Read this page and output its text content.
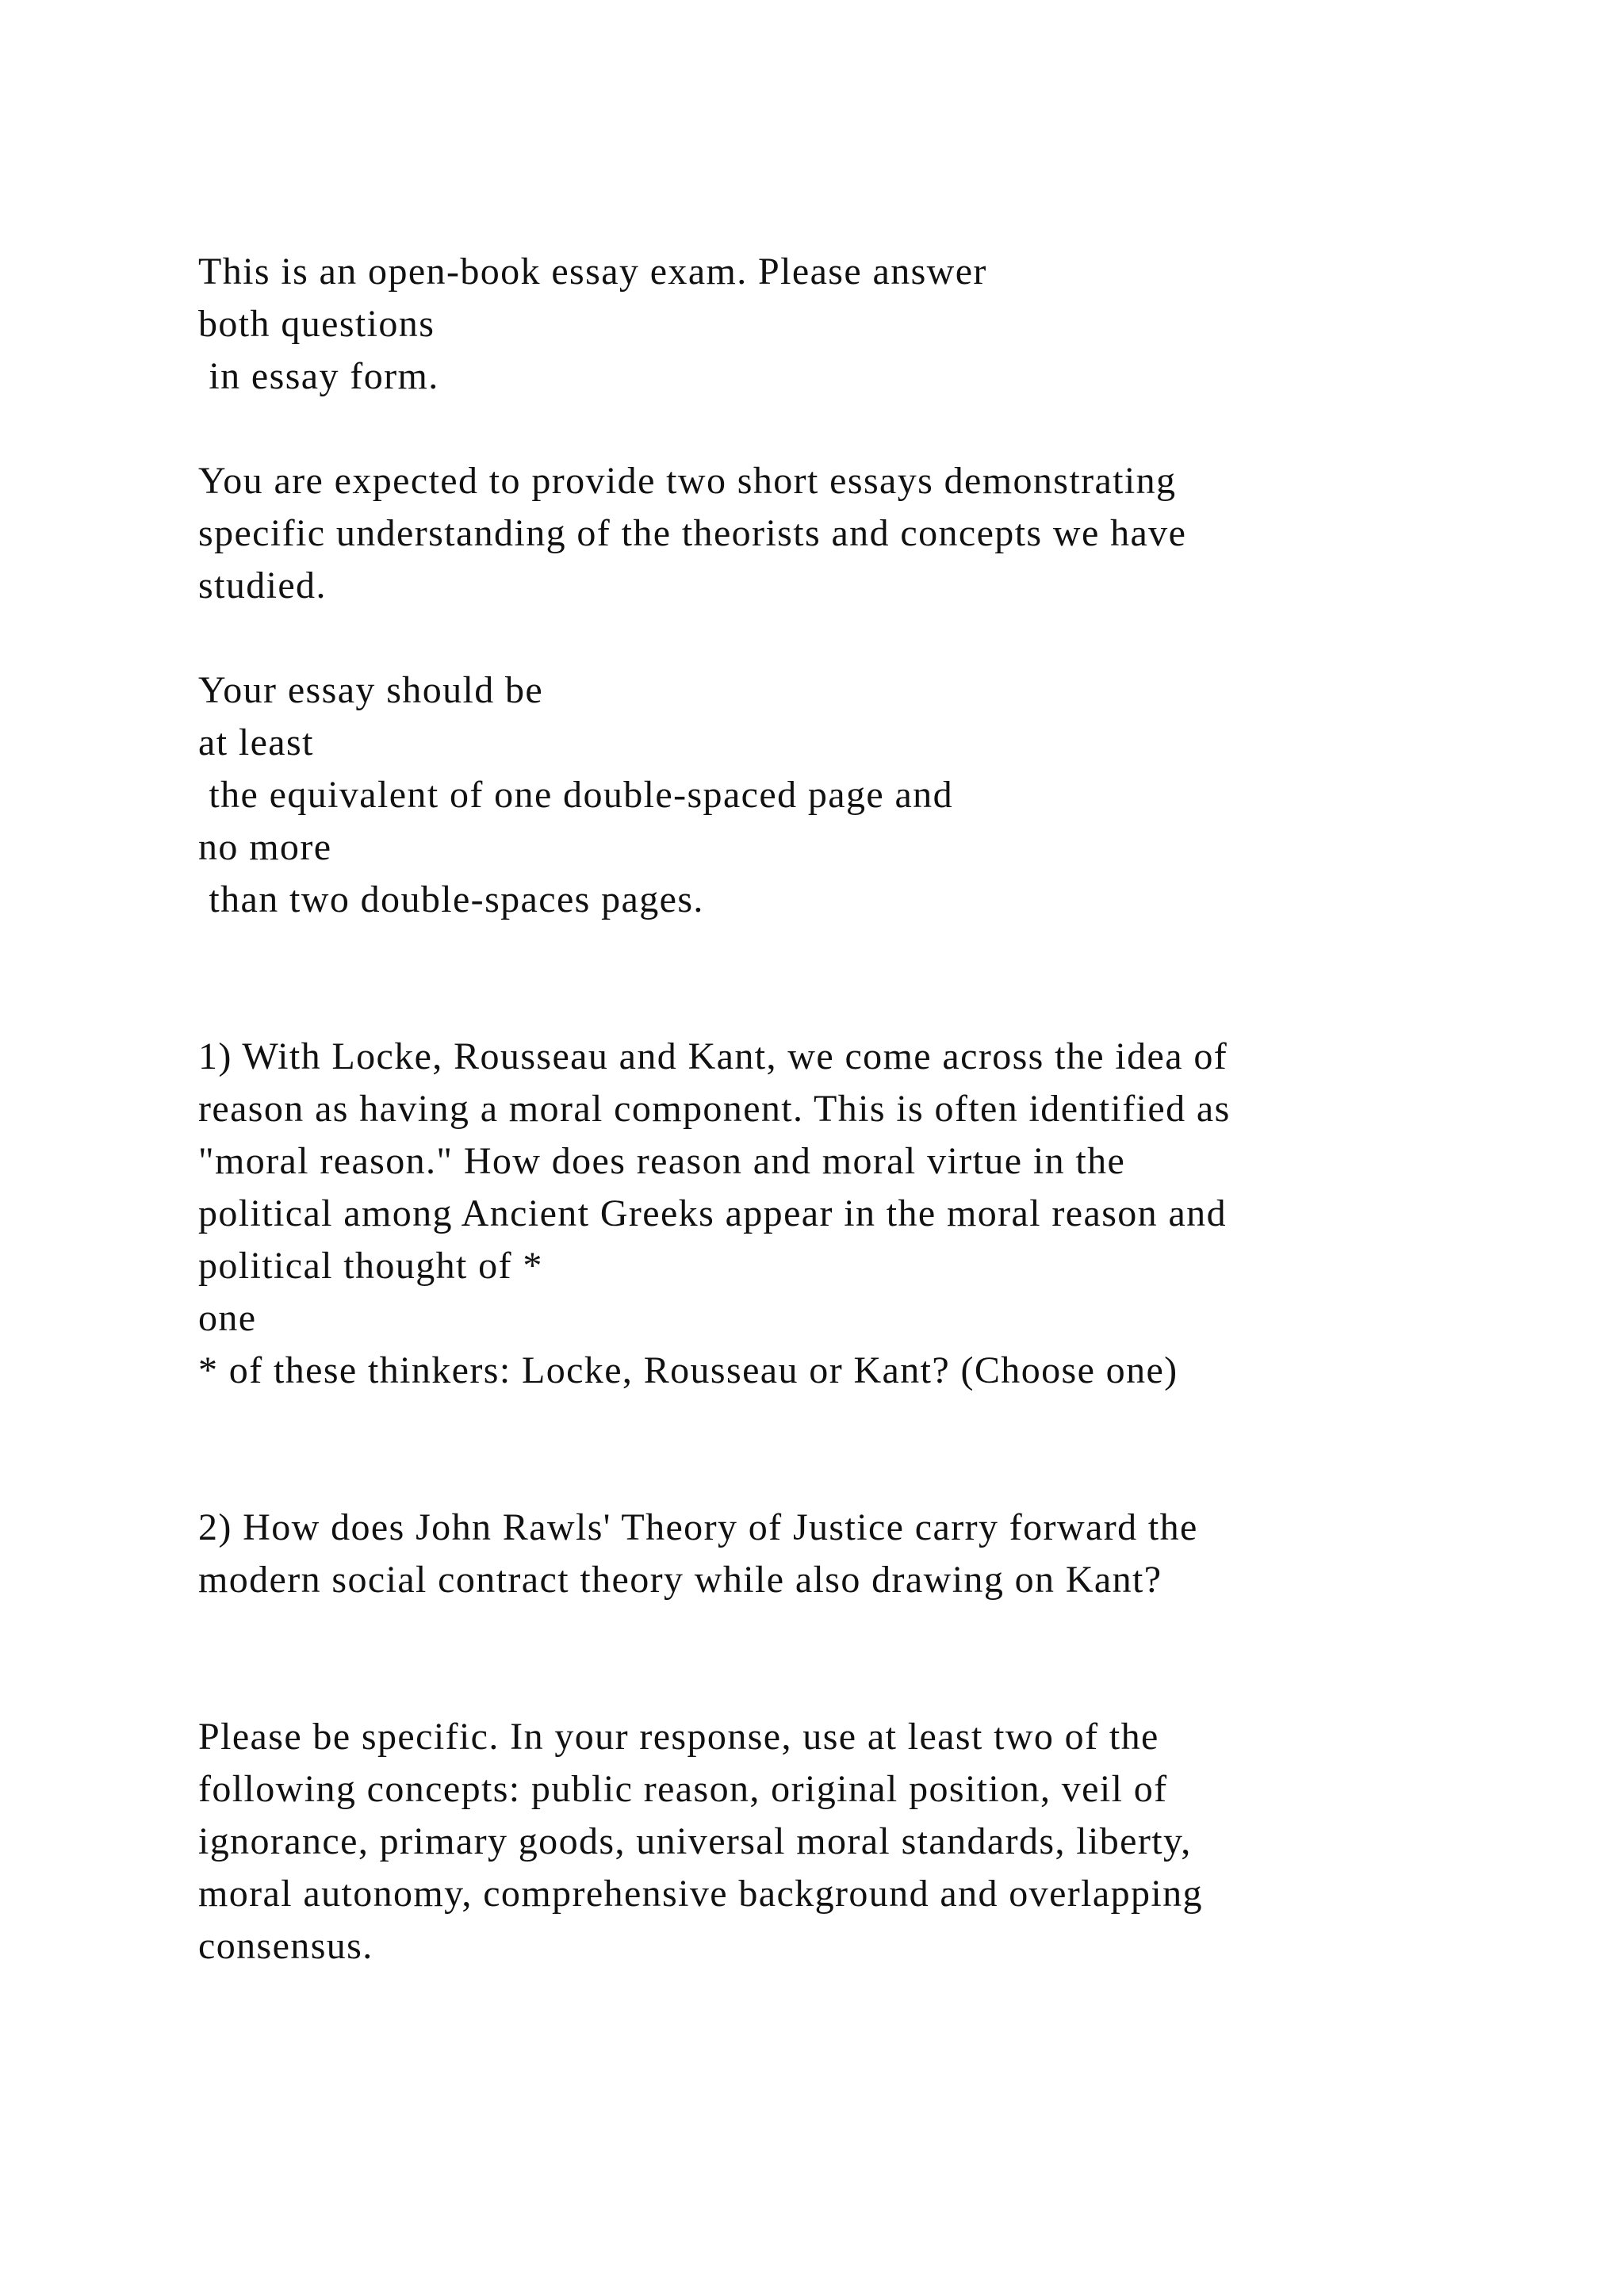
This is an open-book essay exam. Please answer
both questions
in essay form.
You are expected to provide two short essays demonstrating
specific understanding of the theorists and concepts we have
studied.
Your essay should be
at least
the equivalent of one double-spaced page and
no more
than two double-spaces pages.
1) With Locke, Rousseau and Kant, we come across the idea of
reason as having a moral component. This is often identified as
"moral reason." How does reason and moral virtue in the
political among Ancient Greeks appear in the moral reason and
political thought of *
one
* of these thinkers: Locke, Rousseau or Kant? (Choose one)
2) How does John Rawls' Theory of Justice carry forward the
modern social contract theory while also drawing on Kant?
Please be specific. In your response, use at least two of the
following concepts: public reason, original position, veil of
ignorance, primary goods, universal moral standards, liberty,
moral autonomy, comprehensive background and overlapping
consensus.
